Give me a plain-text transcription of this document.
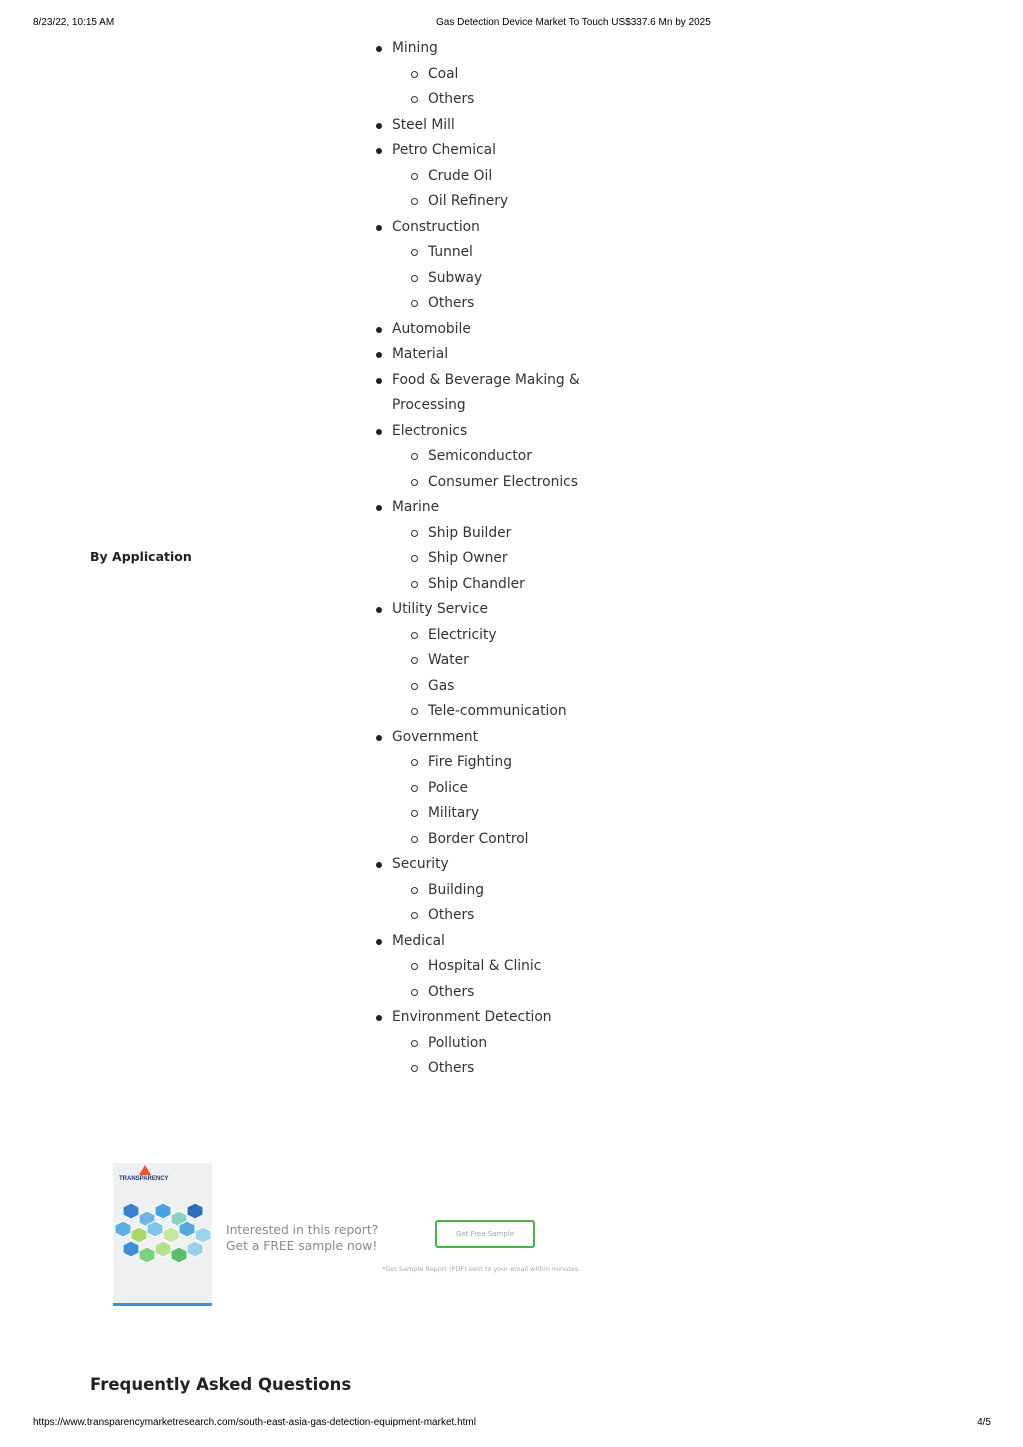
8/23/22, 10:15 AM	Gas Detection Device Market To Touch US$337.6 Mn by 2025
By Application
Mining
Coal
Others
Steel Mill
Petro Chemical
Crude Oil
Oil Refinery
Construction
Tunnel
Subway
Others
Automobile
Material
Food & Beverage Making & Processing
Electronics
Semiconductor
Consumer Electronics
Marine
Ship Builder
Ship Owner
Ship Chandler
Utility Service
Electricity
Water
Gas
Tele-communication
Government
Fire Fighting
Police
Military
Border Control
Security
Building
Others
Medical
Hospital & Clinic
Others
Environment Detection
Pollution
Others
TRANSPARENCY
Interested in this report?
Get a FREE sample now!
Get Free Sample
*Get Sample Report (PDF) sent to your email within minutes
Frequently Asked Questions
https://www.transparencymarketresearch.com/south-east-asia-gas-detection-equipment-market.html	4/5
